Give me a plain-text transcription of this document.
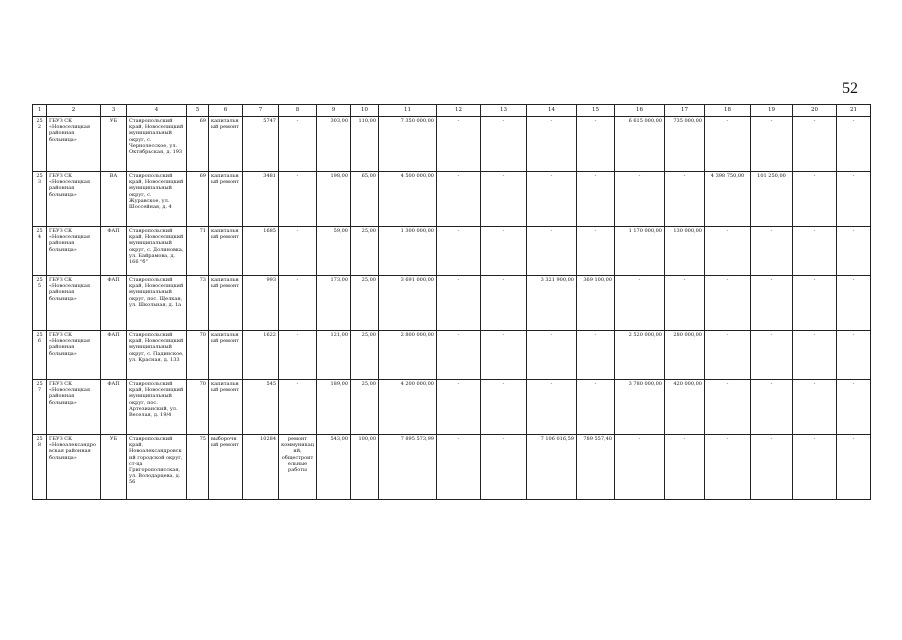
52
1	2	3	4	5	6	7	8	9	10	11	12	13	14	15	16	17	18	19	20	21
252	ГБУЗ СК «Новоселицкая районная больница»	УБ	Ставропольский край, Новоселицкий муниципальный округ, с. Чернолесское, ул. Октябрьская, д. 193	69	капитальный ремонт	5747	-	303,00	110,00	7 350 000,00	-	-	-	-	6 615 000,00	735 000,00	-	-	-	-
253	ГБУЗ СК «Новоселицкая районная больница»	ВА	Ставропольский край, Новоселицкий муниципальный округ, с. Журавское, ул. Шоссейная, д. 4	69	капитальный ремонт	3481	-	198,00	65,00	4 500 000,00	-	-	-	-	-	-	4 398 750,00	101 250,00	-	-
254	ГБУЗ СК «Новоселицкая районная больница»	ФАП	Ставропольский край, Новоселицкий муниципальный округ, с. Долиновка, ул. Байрамова, д. 166 "б"	71	капитальный ремонт	1685	-	59,00	25,00	1 300 000,00	-	-	-	-	1 170 000,00	130 000,00	-	-	-	-
255	ГБУЗ СК «Новоселицкая районная больница»	ФАП	Ставропольский край, Новоселицкий муниципальный округ, пос. Щелкан, ул. Школьная, д. 1а	73	капитальный ремонт	993	-	173,00	25,00	3 691 000,00	-	-	3 321 900,00	369 100,00	-	-	-	-	-	-
256	ГБУЗ СК «Новоселицкая районная больница»	ФАП	Ставропольский край, Новоселицкий муниципальный округ, с. Падинское, ул. Красная, д. 133	70	капитальный ремонт	1622	-	121,00	25,00	2 800 000,00	-	-	-	-	2 520 000,00	280 000,00	-	-	-	-
257	ГБУЗ СК «Новоселицкая районная больница»	ФАП	Ставропольский край, Новоселицкий муниципальный округ, пос. Артезианский, ул. Веселая, д. 19/4	70	капитальный ремонт	545	-	189,00	25,00	4 200 000,00	-	-	-	-	3 780 000,00	420 000,00	-	-	-	-
258	ГБУЗ СК «Новоалександровская районная больница»	УБ	Ставропольский край, Новоалександровский городской округ, ст-ца Григорополисская, ул. Володарцева, д. 56	75	выборочный ремонт	10284	ремонт коммуникаций, общестроительные работы	543,00	100,00	7 895 573,99	-	-	7 106 016,59	789 557,40	-	-	-	-	-	-
